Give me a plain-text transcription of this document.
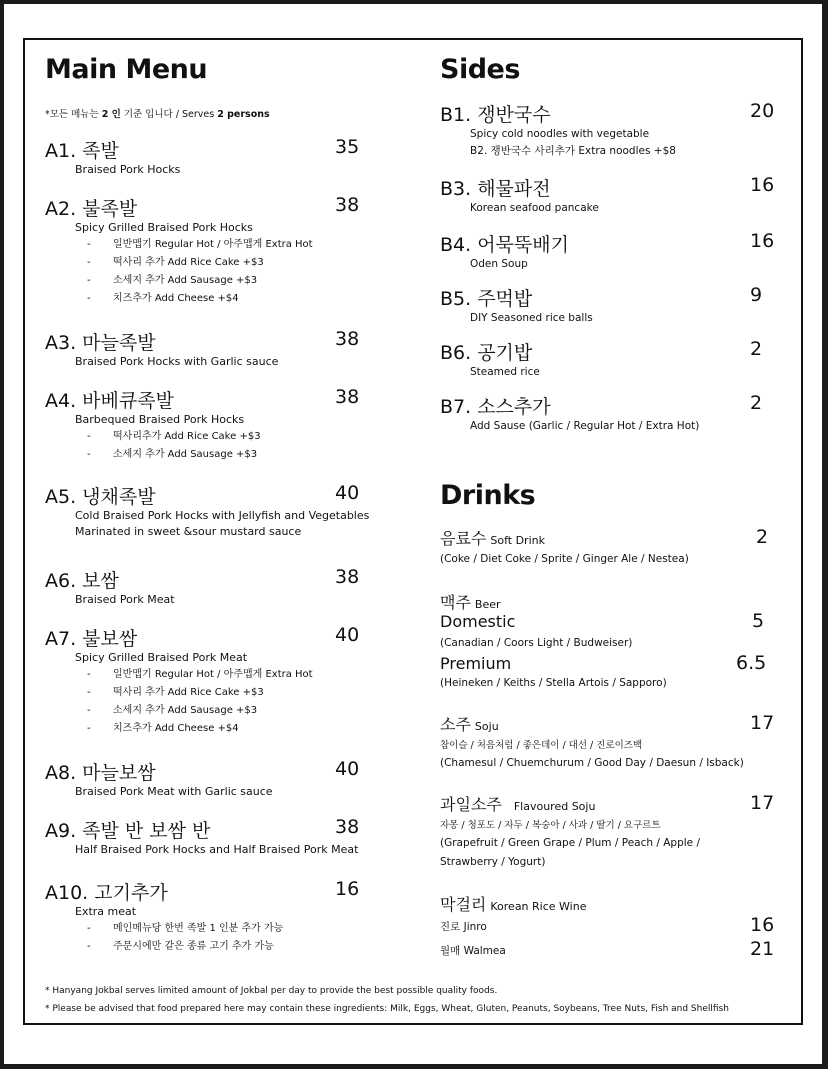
Main Menu
*모든 메뉴는 2 인 기준 입니다 / Serves 2 persons
A1. 족발	35
Braised Pork Hocks
A2. 불족발	38
Spicy Grilled Braised Pork Hocks
- 일반맵기 Regular Hot / 아주맵게 Extra Hot
- 떡사리 추가 Add Rice Cake +$3
- 소세지 추가 Add Sausage +$3
- 치즈추가 Add Cheese +$4
A3. 마늘족발	38
Braised Pork Hocks with Garlic sauce
A4. 바베큐족발	38
Barbequed Braised Pork Hocks
- 떡사리추가 Add Rice Cake +$3
- 소세지 추가 Add Sausage +$3
A5. 냉채족발	40
Cold Braised Pork Hocks with Jellyfish and Vegetables
Marinated in sweet &sour mustard sauce
A6. 보쌈	38
Braised Pork Meat
A7. 불보쌈	40
Spicy Grilled Braised Pork Meat
- 일반맵기 Regular Hot / 아주맵게 Extra Hot
- 떡사리 추가 Add Rice Cake +$3
- 소세지 추가 Add Sausage +$3
- 치즈추가 Add Cheese +$4
A8. 마늘보쌈	40
Braised Pork Meat with Garlic sauce
A9. 족발 반 보쌈 반	38
Half Braised Pork Hocks and Half Braised Pork Meat
A10. 고기추가	16
Extra meat
- 메인메뉴당 한번 족발 1 인분 추가 가능
- 주문시에만 같은 종류 고기 추가 가능
Sides
B1. 쟁반국수	20
Spicy cold noodles with vegetable
B2. 쟁반국수 사리추가 Extra noodles +$8
B3. 해물파전	16
Korean seafood pancake
B4. 어묵뚝배기	16
Oden Soup
B5. 주먹밥	9
DIY Seasoned rice balls
B6. 공기밥	2
Steamed rice
B7. 소스추가	2
Add Sause (Garlic / Regular Hot / Extra Hot)
Drinks
음료수 Soft Drink	2
(Coke / Diet Coke / Sprite / Ginger Ale / Nestea)
맥주 Beer
Domestic	5
(Canadian / Coors Light / Budweiser)
Premium	6.5
(Heineken / Keiths / Stella Artois / Sapporo)
소주 Soju	17
참이슬 / 처음처럼 / 좋은데이 / 대선 / 진로이즈백
(Chamesul / Chuemchurum / Good Day / Daesun / Isback)
과일소주 Flavoured Soju	17
자몽 / 청포도 / 자두 / 복숭아 / 사과 / 딸기 / 요구르트
(Grapefruit / Green Grape / Plum / Peach / Apple /
Strawberry / Yogurt)
막걸리 Korean Rice Wine
진로 Jinro	16
월매 Walmea	21
* Hanyang Jokbal serves limited amount of Jokbal per day to provide the best possible quality foods.
* Please be advised that food prepared here may contain these ingredients: Milk, Eggs, Wheat, Gluten, Peanuts, Soybeans, Tree Nuts, Fish and Shellfish
